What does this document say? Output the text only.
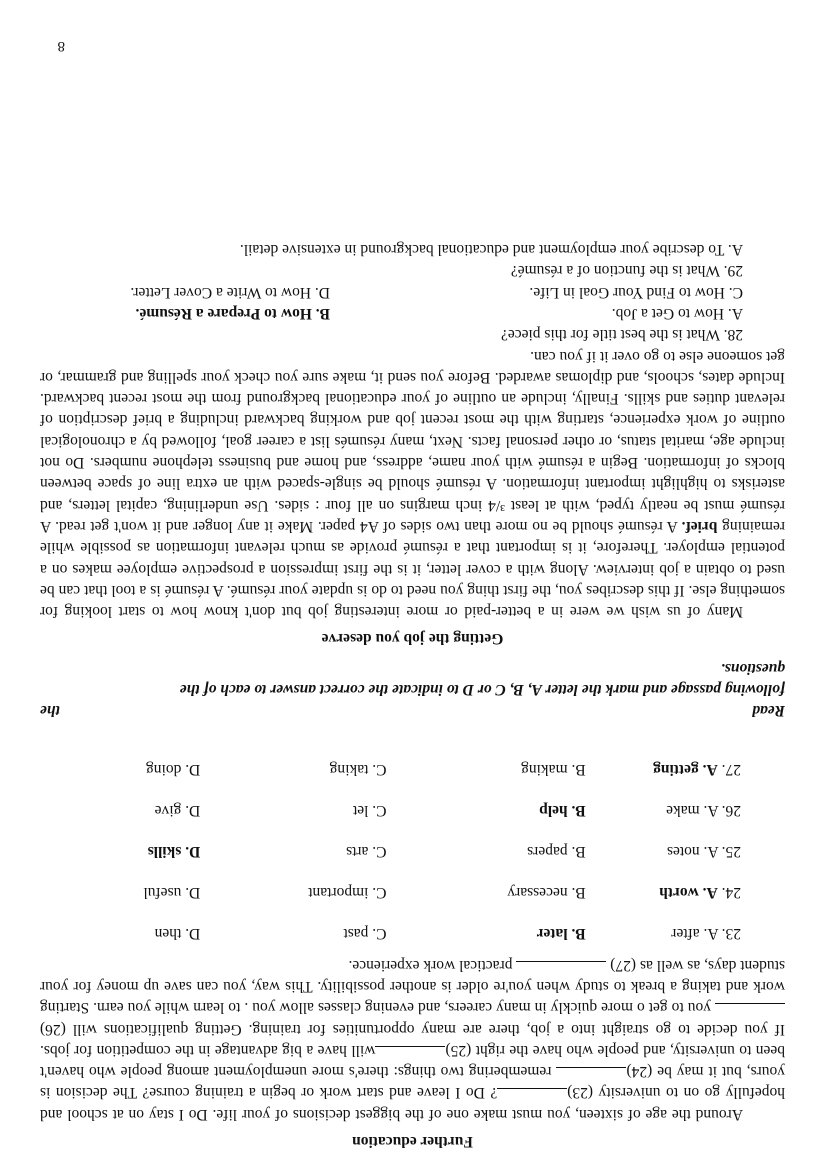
Further education

Around the age of sixteen, you must make one of the biggest decisions of your life. Do I stay on at school and hopefully go on to university (23)? Do I leave and start work or begin a training course? The decision is yours, but it may be (24) remembering two things: there's more unemployment among people who haven't been to university, and people who have the right (25)will have a big advantage in the competition for jobs. If you decide to go straight into a job, there are many opportunities for training. Getting qualifications will (26) you to get o more quickly in many careers, and evening classes allow you . to learn while you earn. Starting work and taking a break to study when you're older is another possibility. This way, you can save up money for your student days, as well as (27)  practical work experience.

23. A. after	B. later	C. past	D. then
24. A. worth	B. necessary	C. important	D. useful
25. A. notes	B. papers	C. arts	D. skills
26. A. make	B. help	C. let	D. give
27. A. getting	B. making	C. taking	D. doing
Read
the
following passage and mark the letter A, B, C or D to indicate the correct answer to each of the
questions.
Getting the job you deserve

Many of us wish we were in a better-paid or more interesting job but don't know how to start looking for something else. If this describes you, the first thing you need to do is update your résumé. A résumé is a tool that can be used to obtain a job interview. Along with a cover letter, it is the first impression a prospective employee makes on a potential employer. Therefore, it is important that a résumé provide as much relevant information as possible while remaining brief. A résumé should be no more than two sides of A4 paper. Make it any longer and it won't get read. A résumé must be neatly typed, with at least ³/4 inch margins on all four : sides. Use underlining, capital letters, and asterisks to highlight important information. A résumé should be single-spaced with an extra line of space between blocks of information. Begin a résumé with your name, address, and home and business telephone numbers. Do not include age, marital status, or other personal facts. Next, many résumés list a career goal, followed by a chronological outline of work experience, starting with the most recent job and working backward including a brief description of relevant duties and skills. Finally, include an outline of your educational background from the most recent backward. Include dates, schools, and diplomas awarded. Before you send it, make sure you check your spelling and grammar, or get someone else to go over it if you can.

28. What is the best title for this piece?

A. How to Get a Job.
B. How to Prepare a Résumé.
C. How to Find Your Goal in Life.
D. How to Write a Cover Letter.

29. What is the function of a résumé?

A. To describe your employment and educational background in extensive detail.

8
